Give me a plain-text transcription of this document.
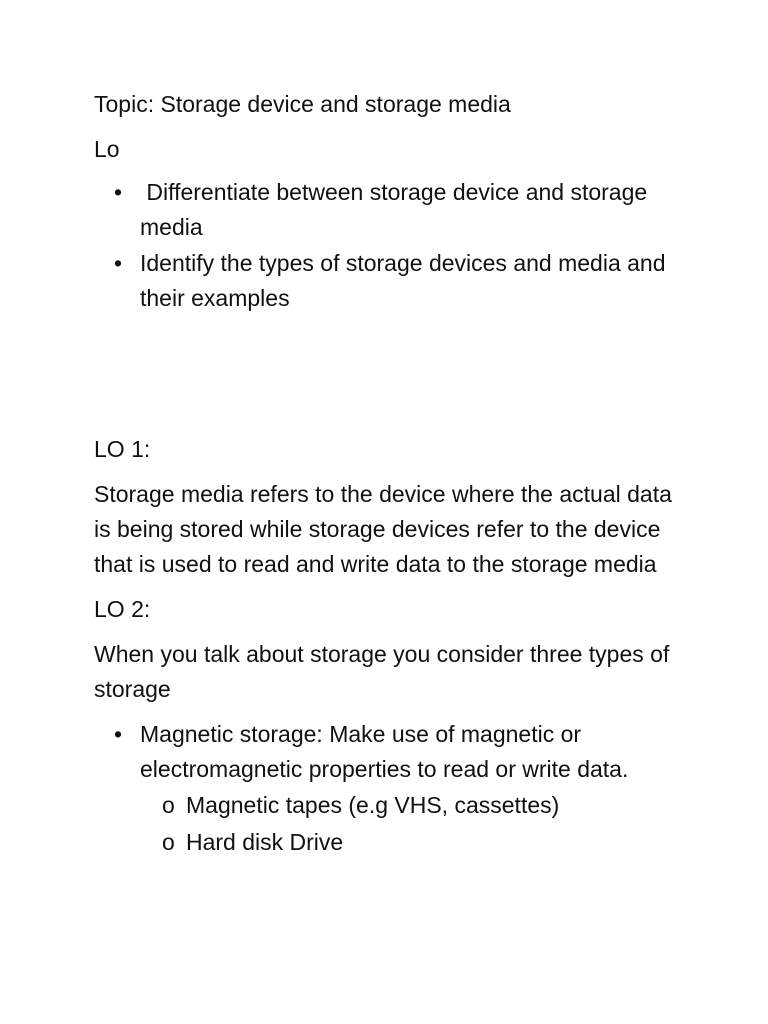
Topic: Storage device and storage media

Lo

• Differentiate between storage device and storage media
• Identify the types of storage devices and media and their examples

LO 1:

Storage media refers to the device where the actual data is being stored while storage devices refer to the device that is used to read and write data to the storage media

LO 2:

When you talk about storage you consider three types of storage

• Magnetic storage: Make use of magnetic or electromagnetic properties to read or write data.
o Magnetic tapes (e.g VHS, cassettes)
o Hard disk Drive
